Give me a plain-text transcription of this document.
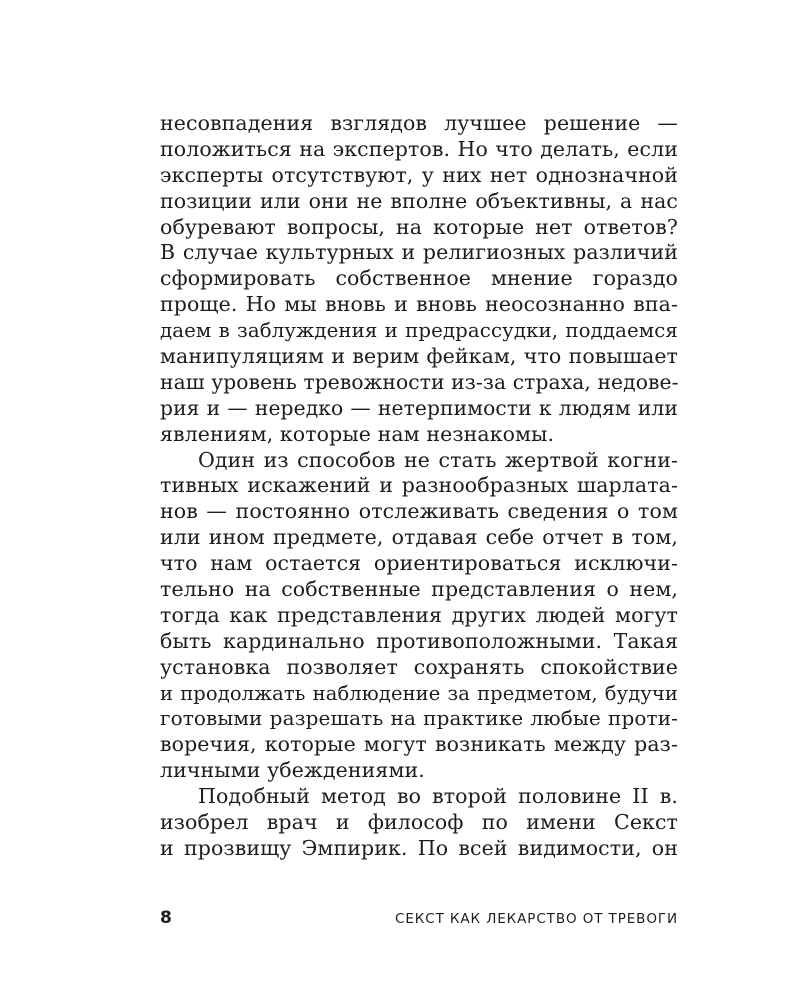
несовпадения взглядов лучшее решение —
положиться на экспертов. Но что делать, если
эксперты отсутствуют, у них нет однозначной
позиции или они не вполне объективны, а нас
обуревают вопросы, на которые нет ответов?
В случае культурных и религиозных различий
сформировать собственное мнение гораздо
проще. Но мы вновь и вновь неосознанно впа-
даем в заблуждения и предрассудки, поддаемся
манипуляциям и верим фейкам, что повышает
наш уровень тревожности из-за страха, недове-
рия и — нередко — нетерпимости к людям или
явлениям, которые нам незнакомы.
Один из способов не стать жертвой когни-
тивных искажений и разнообразных шарлата-
нов — постоянно отслеживать сведения о том
или ином предмете, отдавая себе отчет в том,
что нам остается ориентироваться исключи-
тельно на собственные представления о нем,
тогда как представления других людей могут
быть кардинально противоположными. Такая
установка позволяет сохранять спокойствие
и продолжать наблюдение за предметом, будучи
готовыми разрешать на практике любые проти-
воречия, которые могут возникать между раз-
личными убеждениями.
Подобный метод во второй половине II в.
изобрел врач и философ по имени Секст
и прозвищу Эмпирик. По всей видимости, он
8	СЕКСТ КАК ЛЕКАРСТВО ОТ ТРЕВОГИ
